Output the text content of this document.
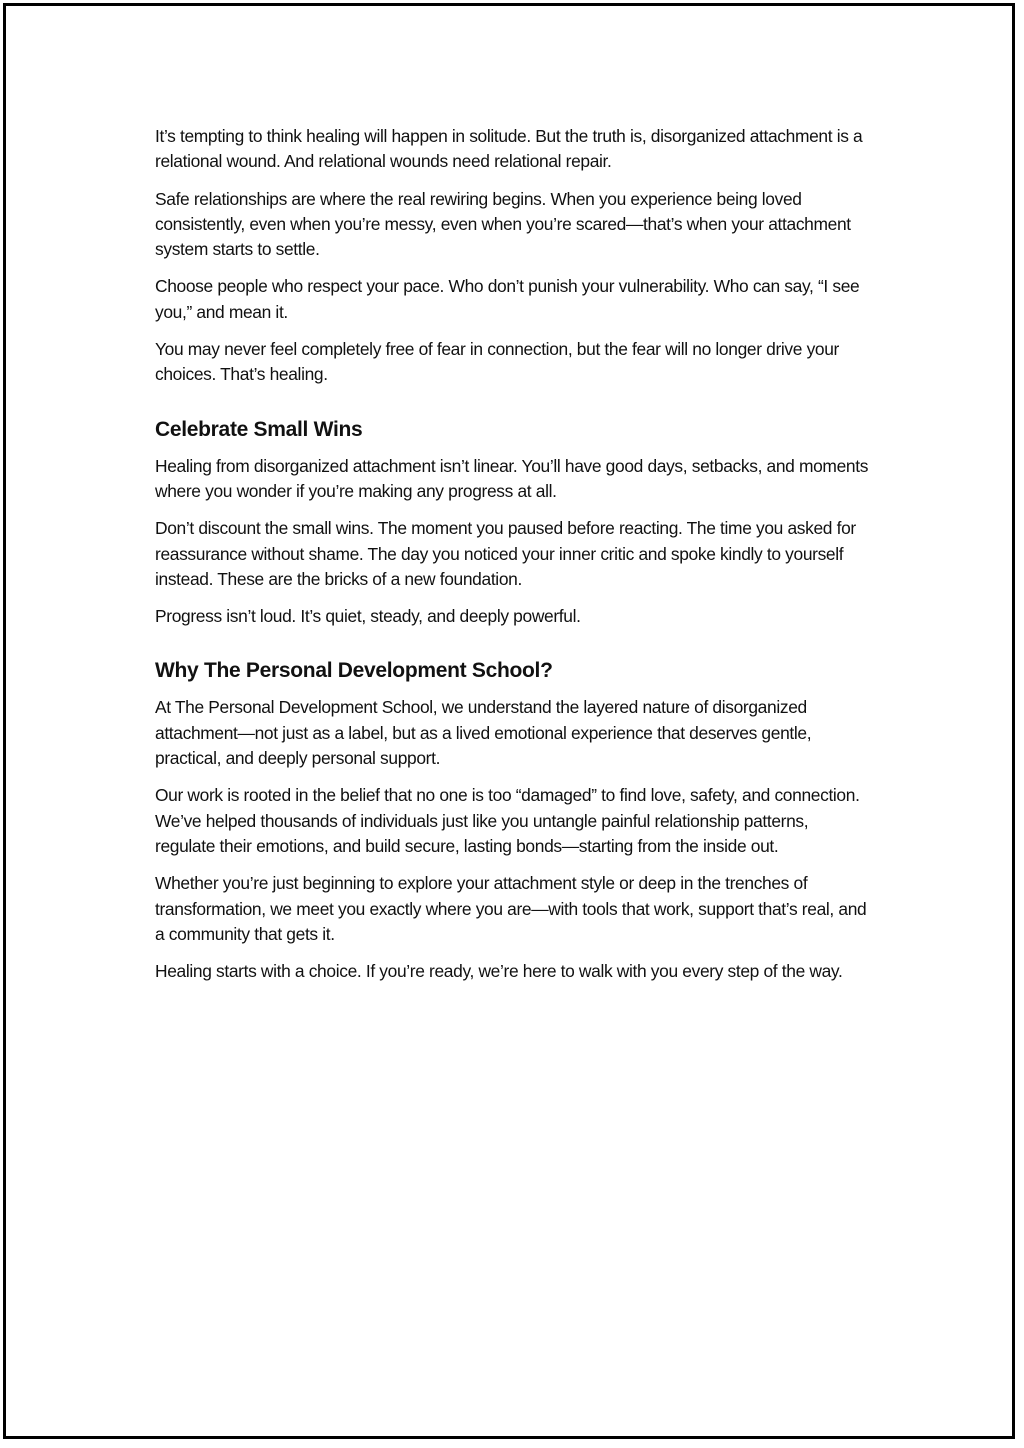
It’s tempting to think healing will happen in solitude. But the truth is, disorganized attachment is a relational wound. And relational wounds need relational repair.

Safe relationships are where the real rewiring begins. When you experience being loved consistently, even when you’re messy, even when you’re scared—that’s when your attachment system starts to settle.

Choose people who respect your pace. Who don’t punish your vulnerability. Who can say, “I see you,” and mean it.

You may never feel completely free of fear in connection, but the fear will no longer drive your choices. That’s healing.

Celebrate Small Wins

Healing from disorganized attachment isn’t linear. You’ll have good days, setbacks, and moments where you wonder if you’re making any progress at all.

Don’t discount the small wins. The moment you paused before reacting. The time you asked for reassurance without shame. The day you noticed your inner critic and spoke kindly to yourself instead. These are the bricks of a new foundation.

Progress isn’t loud. It’s quiet, steady, and deeply powerful.

Why The Personal Development School?

At The Personal Development School, we understand the layered nature of disorganized attachment—not just as a label, but as a lived emotional experience that deserves gentle, practical, and deeply personal support.

Our work is rooted in the belief that no one is too “damaged” to find love, safety, and connection. We’ve helped thousands of individuals just like you untangle painful relationship patterns, regulate their emotions, and build secure, lasting bonds—starting from the inside out.

Whether you’re just beginning to explore your attachment style or deep in the trenches of transformation, we meet you exactly where you are—with tools that work, support that’s real, and a community that gets it.

Healing starts with a choice. If you’re ready, we’re here to walk with you every step of the way.
